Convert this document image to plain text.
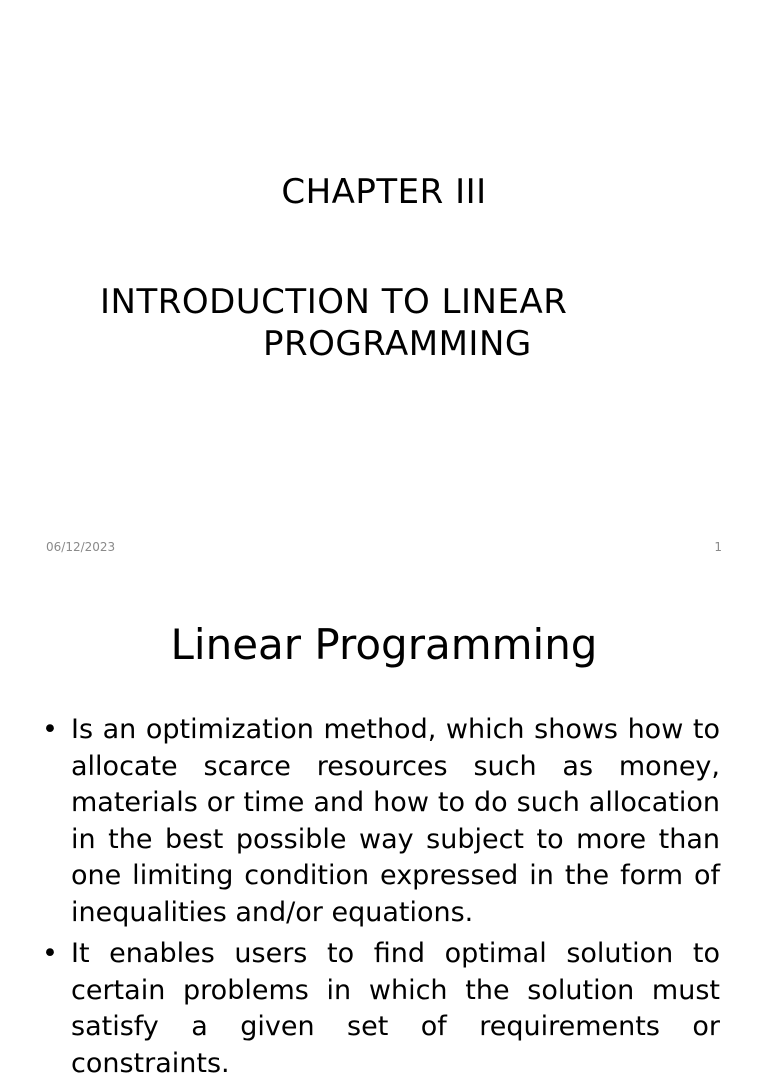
CHAPTER III
INTRODUCTION TO LINEAR
PROGRAMMING
06/12/2023	1
Linear Programming
• Is an optimization method, which shows how to allocate scarce resources such as money, materials or time and how to do such allocation in the best possible way subject to more than one limiting condition expressed in the form of inequalities and/or equations.
• It enables users to find optimal solution to certain problems in which the solution must satisfy a given set of requirements or constraints.
